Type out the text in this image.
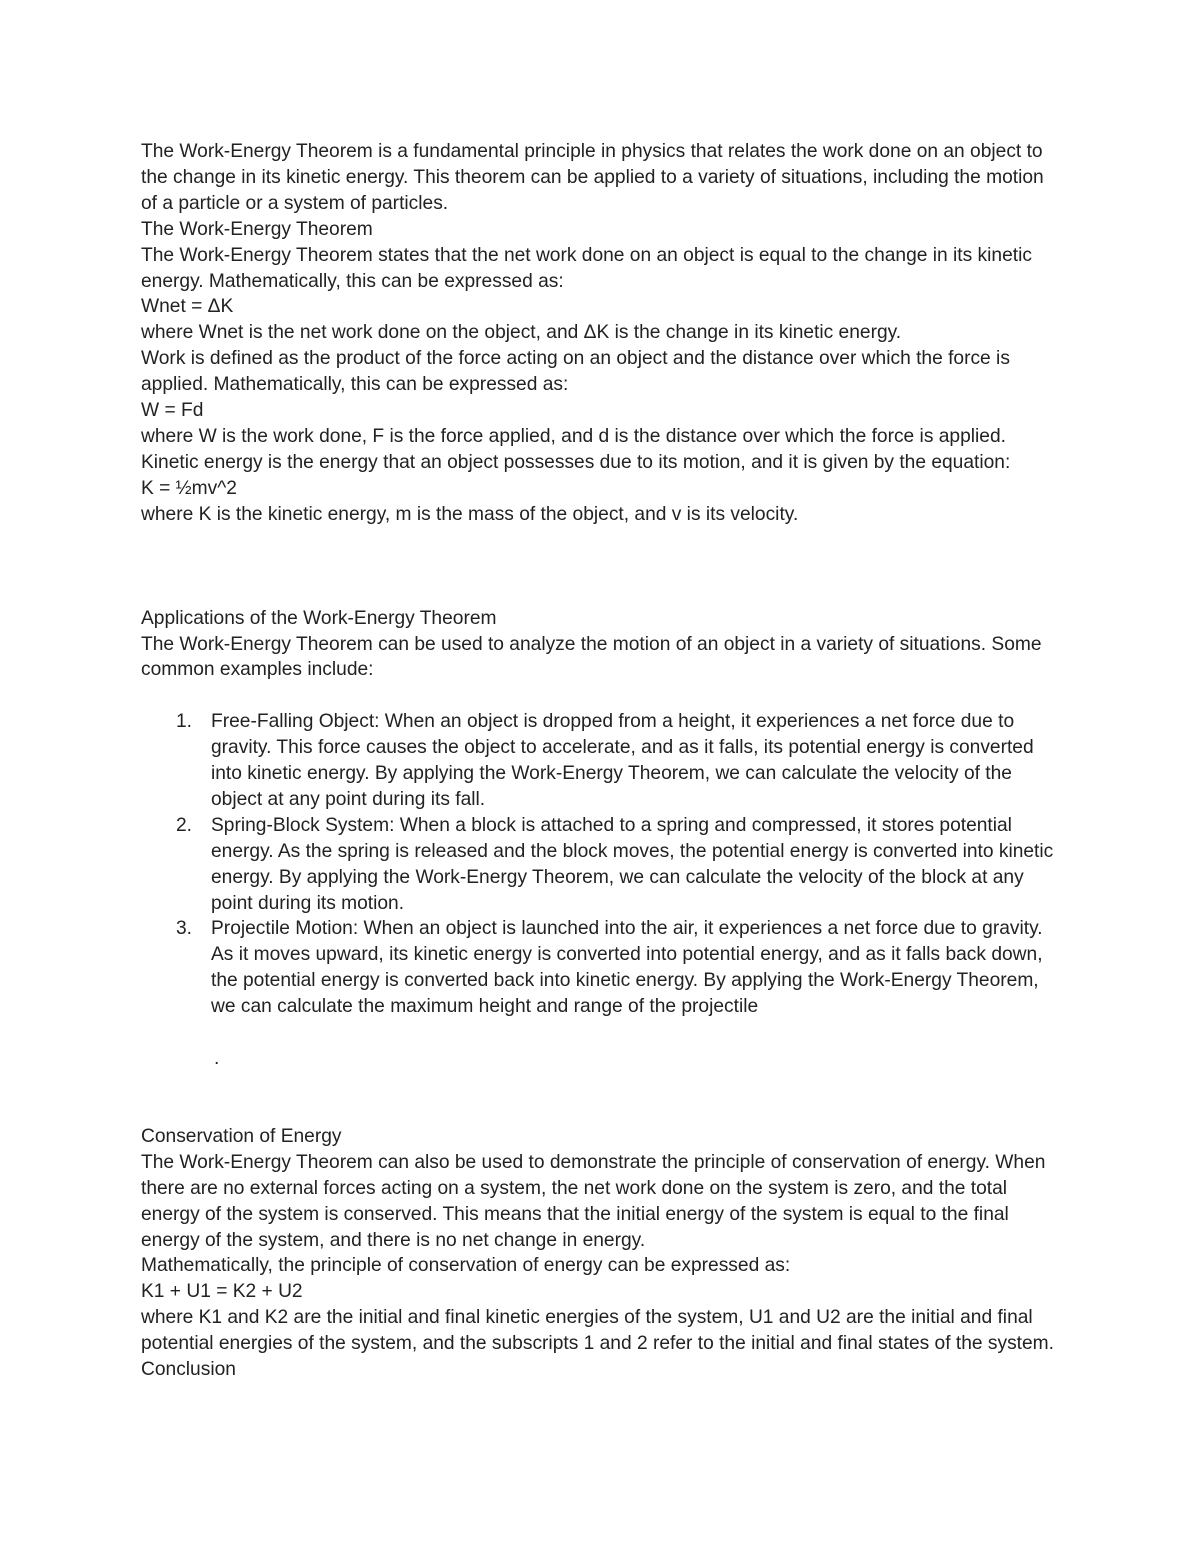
The Work-Energy Theorem is a fundamental principle in physics that relates the work done on an object to the change in its kinetic energy. This theorem can be applied to a variety of situations, including the motion of a particle or a system of particles.

The Work-Energy Theorem

The Work-Energy Theorem states that the net work done on an object is equal to the change in its kinetic energy. Mathematically, this can be expressed as:

Wnet = ΔK

where Wnet is the net work done on the object, and ΔK is the change in its kinetic energy.

Work is defined as the product of the force acting on an object and the distance over which the force is applied. Mathematically, this can be expressed as:

W = Fd

where W is the work done, F is the force applied, and d is the distance over which the force is applied.

Kinetic energy is the energy that an object possesses due to its motion, and it is given by the equation:

K = ½mv^2

where K is the kinetic energy, m is the mass of the object, and v is its velocity.

Applications of the Work-Energy Theorem

The Work-Energy Theorem can be used to analyze the motion of an object in a variety of situations. Some common examples include:

1. Free-Falling Object: When an object is dropped from a height, it experiences a net force due to gravity. This force causes the object to accelerate, and as it falls, its potential energy is converted into kinetic energy. By applying the Work-Energy Theorem, we can calculate the velocity of the object at any point during its fall.
2. Spring-Block System: When a block is attached to a spring and compressed, it stores potential energy. As the spring is released and the block moves, the potential energy is converted into kinetic energy. By applying the Work-Energy Theorem, we can calculate the velocity of the block at any point during its motion.
3. Projectile Motion: When an object is launched into the air, it experiences a net force due to gravity. As it moves upward, its kinetic energy is converted into potential energy, and as it falls back down, the potential energy is converted back into kinetic energy. By applying the Work-Energy Theorem, we can calculate the maximum height and range of the projectile

.

Conservation of Energy

The Work-Energy Theorem can also be used to demonstrate the principle of conservation of energy. When there are no external forces acting on a system, the net work done on the system is zero, and the total energy of the system is conserved. This means that the initial energy of the system is equal to the final energy of the system, and there is no net change in energy.

Mathematically, the principle of conservation of energy can be expressed as:

K1 + U1 = K2 + U2

where K1 and K2 are the initial and final kinetic energies of the system, U1 and U2 are the initial and final potential energies of the system, and the subscripts 1 and 2 refer to the initial and final states of the system.

Conclusion
